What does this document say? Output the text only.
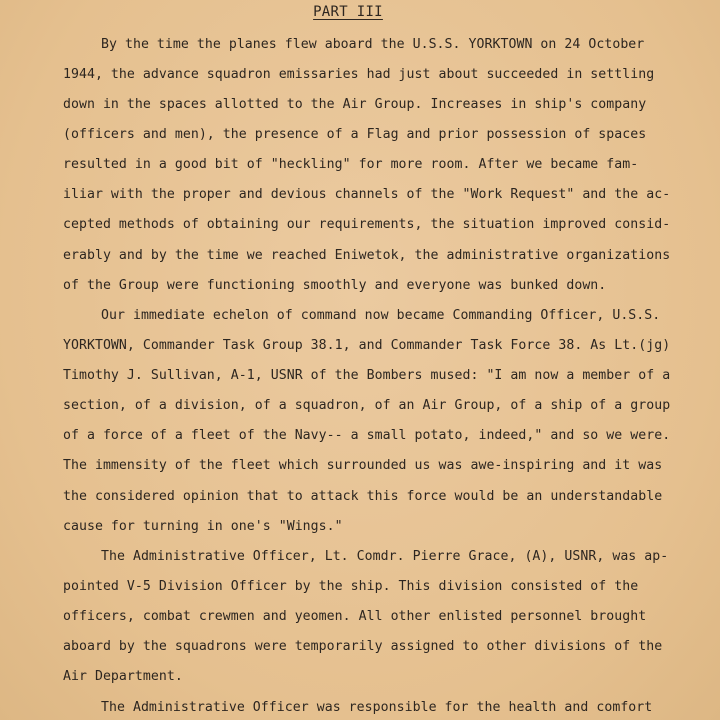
PART III
By the time the planes flew aboard the U.S.S. YORKTOWN on 24 October
1944, the advance squadron emissaries had just about succeeded in settling
down in the spaces allotted to the Air Group. Increases in ship's company
(officers and men), the presence of a Flag and prior possession of spaces
resulted in a good bit of "heckling" for more room. After we became fam-
iliar with the proper and devious channels of the "Work Request" and the ac-
cepted methods of obtaining our requirements, the situation improved consid-
erably and by the time we reached Eniwetok, the administrative organizations
of the Group were functioning smoothly and everyone was bunked down.
Our immediate echelon of command now became Commanding Officer, U.S.S.
YORKTOWN, Commander Task Group 38.1, and Commander Task Force 38. As Lt.(jg)
Timothy J. Sullivan, A-1, USNR of the Bombers mused: "I am now a member of a
section, of a division, of a squadron, of an Air Group, of a ship of a group
of a force of a fleet of the Navy-- a small potato, indeed," and so we were.
The immensity of the fleet which surrounded us was awe-inspiring and it was
the considered opinion that to attack this force would be an understandable
cause for turning in one's "Wings."
The Administrative Officer, Lt. Comdr. Pierre Grace, (A), USNR, was ap-
pointed V-5 Division Officer by the ship. This division consisted of the
officers, combat crewmen and yeomen. All other enlisted personnel brought
aboard by the squadrons were temporarily assigned to other divisions of the
Air Department.
The Administrative Officer was responsible for the health and comfort
